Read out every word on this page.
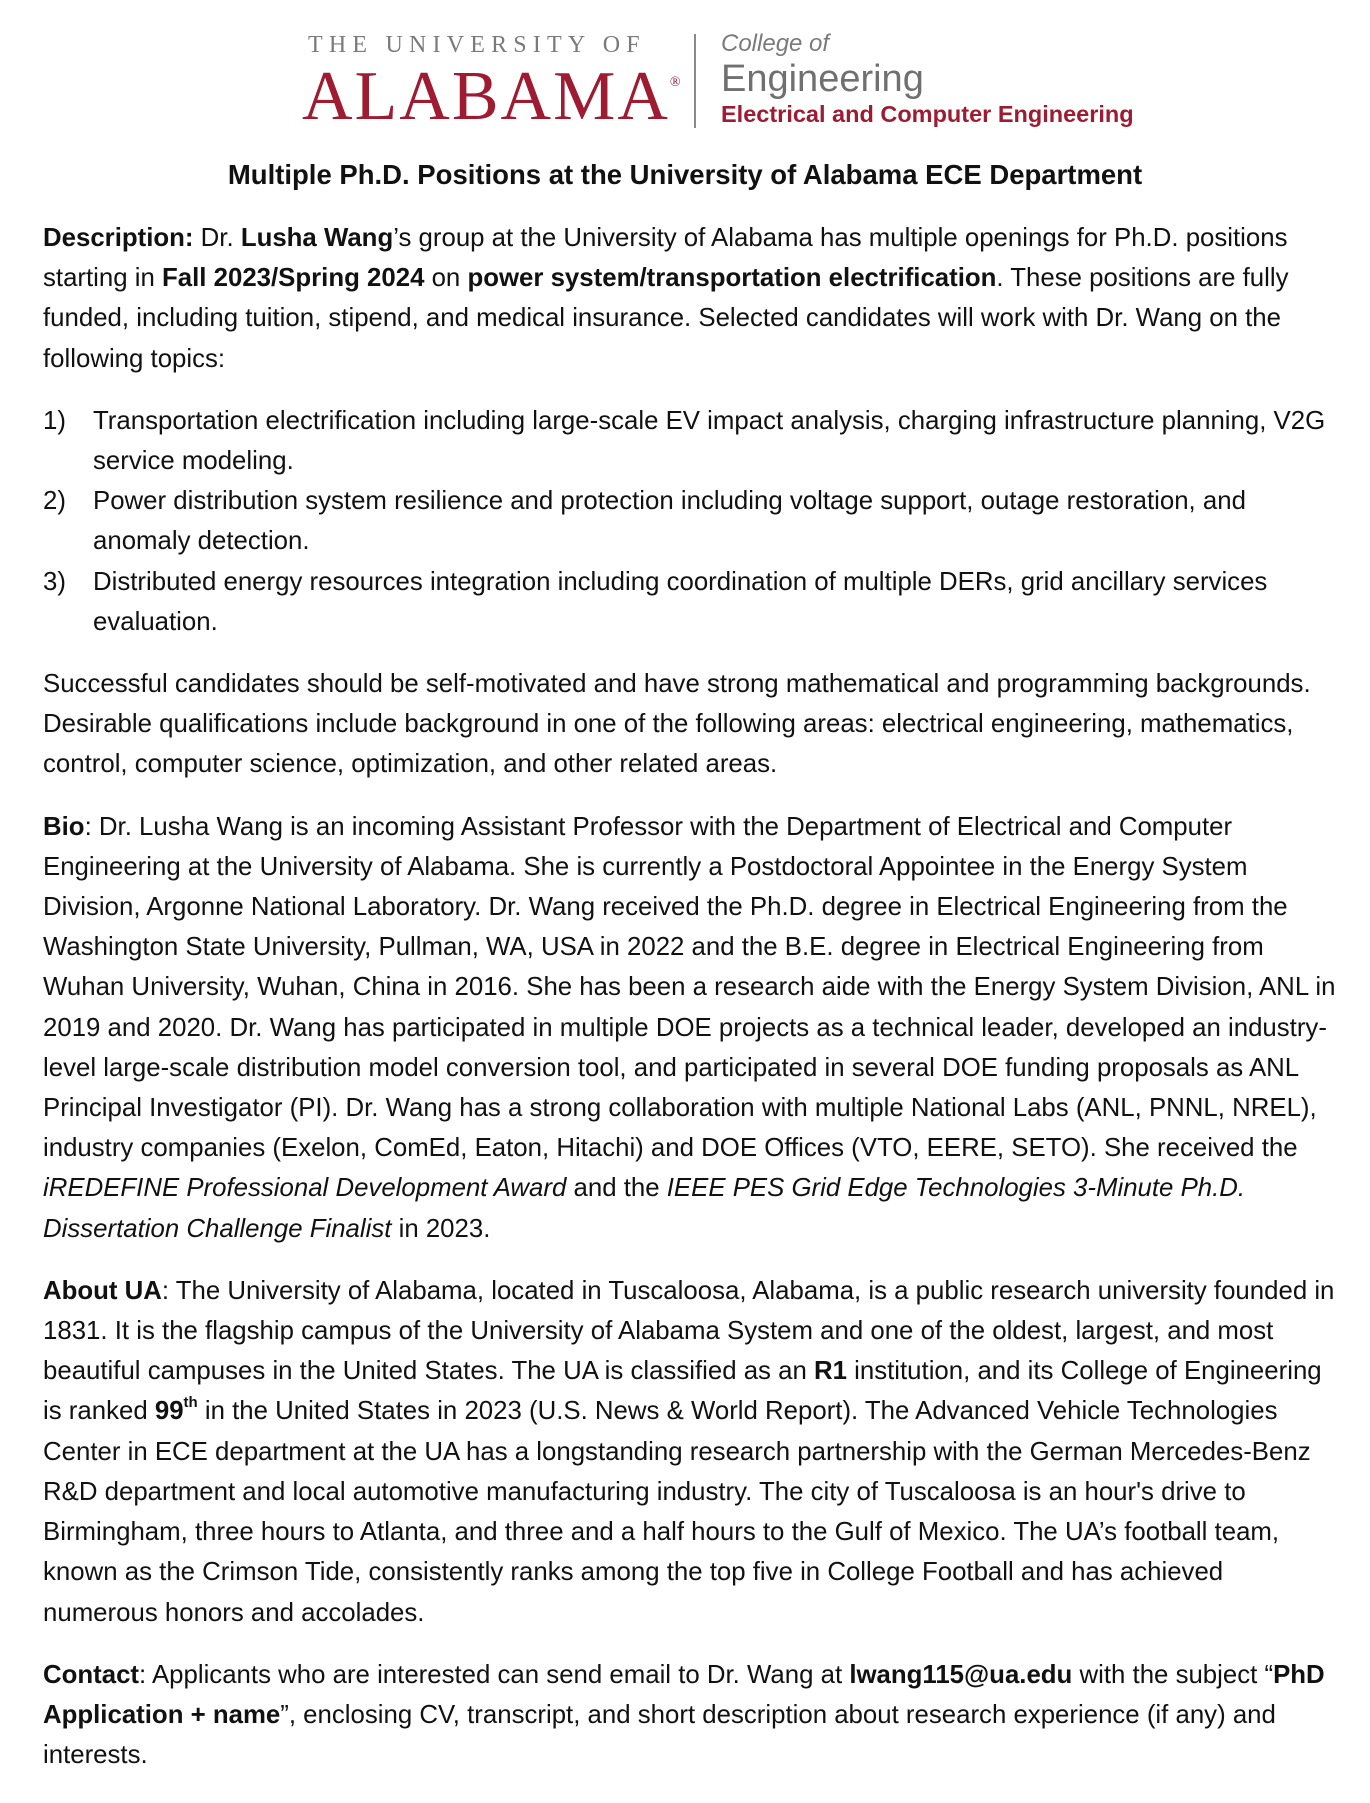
THE UNIVERSITY OF
ALABAMA®
College of
Engineering
Electrical and Computer Engineering
Multiple Ph.D. Positions at the University of Alabama ECE Department

Description: Dr. Lusha Wang’s group at the University of Alabama has multiple openings for Ph.D. positions starting in Fall 2023/Spring 2024 on power system/transportation electrification. These positions are fully funded, including tuition, stipend, and medical insurance. Selected candidates will work with Dr. Wang on the following topics:

1) Transportation electrification including large-scale EV impact analysis, charging infrastructure planning, V2G service modeling.
2) Power distribution system resilience and protection including voltage support, outage restoration, and anomaly detection.
3) Distributed energy resources integration including coordination of multiple DERs, grid ancillary services evaluation.

Successful candidates should be self-motivated and have strong mathematical and programming backgrounds. Desirable qualifications include background in one of the following areas: electrical engineering, mathematics, control, computer science, optimization, and other related areas.

Bio: Dr. Lusha Wang is an incoming Assistant Professor with the Department of Electrical and Computer Engineering at the University of Alabama. She is currently a Postdoctoral Appointee in the Energy System Division, Argonne National Laboratory. Dr. Wang received the Ph.D. degree in Electrical Engineering from the Washington State University, Pullman, WA, USA in 2022 and the B.E. degree in Electrical Engineering from Wuhan University, Wuhan, China in 2016. She has been a research aide with the Energy System Division, ANL in 2019 and 2020. Dr. Wang has participated in multiple DOE projects as a technical leader, developed an industry-level large-scale distribution model conversion tool, and participated in several DOE funding proposals as ANL Principal Investigator (PI). Dr. Wang has a strong collaboration with multiple National Labs (ANL, PNNL, NREL), industry companies (Exelon, ComEd, Eaton, Hitachi) and DOE Offices (VTO, EERE, SETO). She received the iREDEFINE Professional Development Award and the IEEE PES Grid Edge Technologies 3-Minute Ph.D. Dissertation Challenge Finalist in 2023.

About UA: The University of Alabama, located in Tuscaloosa, Alabama, is a public research university founded in 1831. It is the flagship campus of the University of Alabama System and one of the oldest, largest, and most beautiful campuses in the United States. The UA is classified as an R1 institution, and its College of Engineering is ranked 99th in the United States in 2023 (U.S. News & World Report). The Advanced Vehicle Technologies Center in ECE department at the UA has a longstanding research partnership with the German Mercedes-Benz R&D department and local automotive manufacturing industry. The city of Tuscaloosa is an hour's drive to Birmingham, three hours to Atlanta, and three and a half hours to the Gulf of Mexico. The UA’s football team, known as the Crimson Tide, consistently ranks among the top five in College Football and has achieved numerous honors and accolades.

Contact: Applicants who are interested can send email to Dr. Wang at lwang115@ua.edu with the subject “PhD Application + name”, enclosing CV, transcript, and short description about research experience (if any) and interests.
